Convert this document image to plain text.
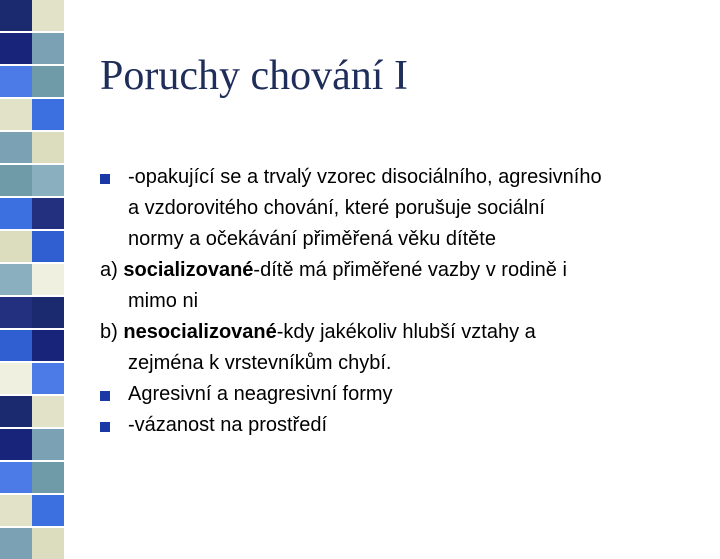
Poruchy chování I
-opakující se a trvalý vzorec disociálního, agresivního
a vzdorovitého chování, které porušuje sociální
normy a očekávání přiměřená věku dítěte
a) socializované-dítě má přiměřené vazby v rodině i
mimo ni
b) nesocializované-kdy jakékoliv hlubší vztahy a
zejména k vrstevníkům chybí.
Agresivní a neagresivní formy
-vázanost na prostředí
